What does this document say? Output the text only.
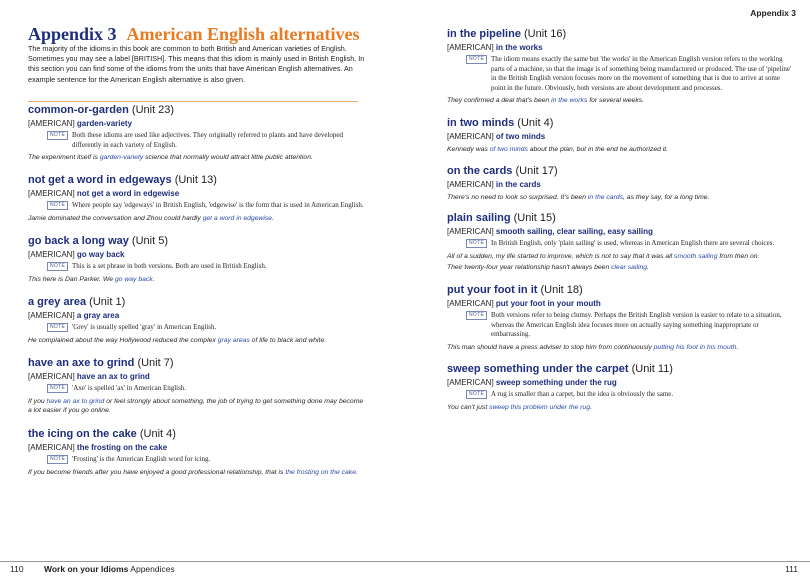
Appendix 3 American English alternatives
The majority of the idioms in this book are common to both British and American varieties of English. Sometimes you may see a label [BRITISH]. This means that this idiom is mainly used in British English. In this section you can find some of the idioms from the units that have American English alternatives. An example sentence for the American English alternative is also given.
common-or-garden (Unit 23)
[AMERICAN] garden-variety
NOTE Both these idioms are used like adjectives. They originally referred to plants and have developed differently in each variety of English.
The experiment itself is garden-variety science that normally would attract little public attention.
not get a word in edgeways (Unit 13)
[AMERICAN] not get a word in edgewise
NOTE Where people say 'edgeways' in British English, 'edgewise' is the form that is used in American English.
Jamie dominated the conversation and Zhou could hardly get a word in edgewise.
go back a long way (Unit 5)
[AMERICAN] go way back
NOTE This is a set phrase in both versions. Both are used in British English.
This here is Dan Parker. We go way back.
a grey area (Unit 1)
[AMERICAN] a gray area
NOTE 'Grey' is usually spelled 'gray' in American English.
He complained about the way Hollywood reduced the complex gray areas of life to black and white.
have an axe to grind (Unit 7)
[AMERICAN] have an ax to grind
NOTE 'Axe' is spelled 'ax' in American English.
If you have an ax to grind or feel strongly about something, the job of trying to get something done may become a lot easier if you go online.
the icing on the cake (Unit 4)
[AMERICAN] the frosting on the cake
NOTE 'Frosting' is the American English word for icing.
If you become friends after you have enjoyed a good professional relationship, that is the frosting on the cake.
110 Work on your Idioms Appendices
Appendix 3
in the pipeline (Unit 16)
[AMERICAN] in the works
NOTE The idiom means exactly the same but 'the works' in the American English version refers to the working parts of a machine, so that the image is of something being manufactured or produced. The use of 'pipeline' in the British English version focuses more on the movement of something that is due to arrive at some point in the future. Obviously, both versions are about development and processes.
They confirmed a deal that's been in the works for several weeks.
in two minds (Unit 4)
[AMERICAN] of two minds
Kennedy was of two minds about the plan, but in the end he authorized it.
on the cards (Unit 17)
[AMERICAN] in the cards
There's no need to look so surprised. It's been in the cards, as they say, for a long time.
plain sailing (Unit 15)
[AMERICAN] smooth sailing, clear sailing, easy sailing
NOTE In British English, only 'plain sailing' is used, whereas in American English there are several choices.
All of a sudden, my life started to improve, which is not to say that it was all smooth sailing from then on.
Their twenty-four year relationship hasn't always been clear sailing.
put your foot in it (Unit 18)
[AMERICAN] put your foot in your mouth
NOTE Both versions refer to being clumsy. Perhaps the British English version is easier to relate to a situation, whereas the American English idea focuses more on actually saying something inappropriate or embarrassing.
This man should have a press adviser to stop him from continuously putting his foot in his mouth.
sweep something under the carpet (Unit 11)
[AMERICAN] sweep something under the rug
NOTE A rug is smaller than a carpet, but the idea is obviously the same.
You can't just sweep this problem under the rug.
111
